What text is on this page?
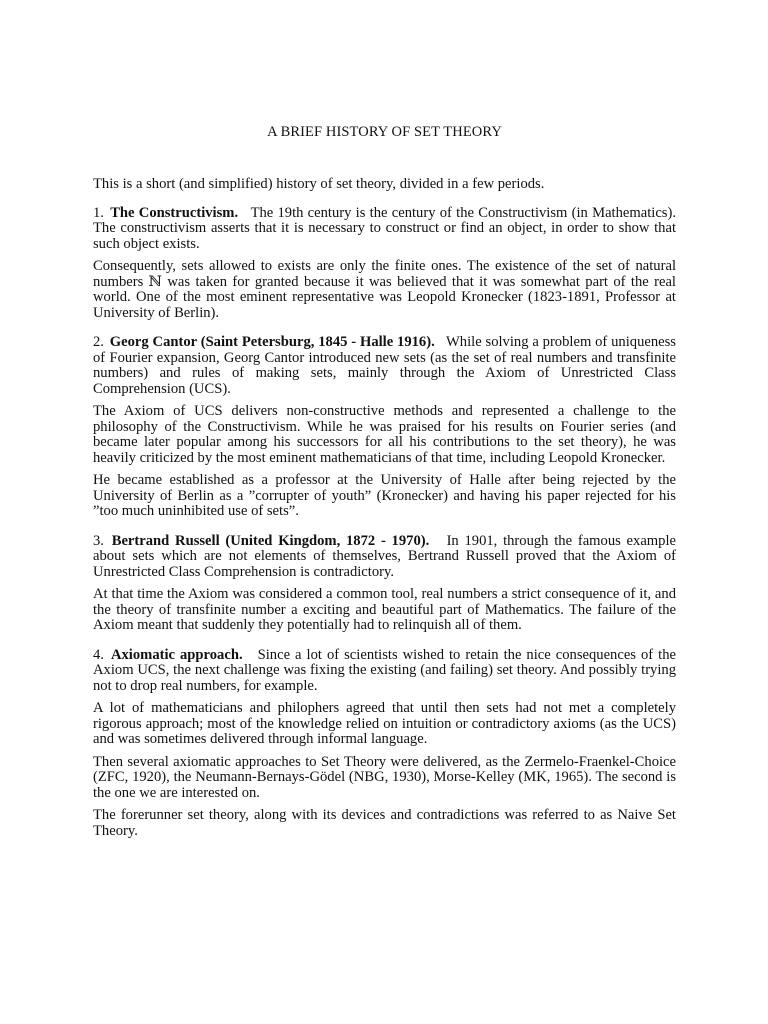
A BRIEF HISTORY OF SET THEORY

This is a short (and simplified) history of set theory, divided in a few periods.

1. The Constructivism. The 19th century is the century of the Constructivism (in Mathematics). The constructivism asserts that it is necessary to construct or find an object, in order to show that such object exists.

Consequently, sets allowed to exists are only the finite ones. The existence of the set of natural numbers ℕ was taken for granted because it was believed that it was somewhat part of the real world. One of the most eminent representative was Leopold Kronecker (1823-1891, Professor at University of Berlin).

2. Georg Cantor (Saint Petersburg, 1845 - Halle 1916). While solving a problem of uniqueness of Fourier expansion, Georg Cantor introduced new sets (as the set of real numbers and transfinite numbers) and rules of making sets, mainly through the Axiom of Unrestricted Class Comprehension (UCS).

The Axiom of UCS delivers non-constructive methods and represented a challenge to the philosophy of the Constructivism. While he was praised for his results on Fourier series (and became later popular among his successors for all his contributions to the set theory), he was heavily criticized by the most eminent mathematicians of that time, including Leopold Kronecker.

He became established as a professor at the University of Halle after being rejected by the University of Berlin as a ”corrupter of youth” (Kronecker) and having his paper rejected for his ”too much uninhibited use of sets”.

3. Bertrand Russell (United Kingdom, 1872 - 1970). In 1901, through the famous example about sets which are not elements of themselves, Bertrand Russell proved that the Axiom of Unrestricted Class Comprehension is contradictory.

At that time the Axiom was considered a common tool, real numbers a strict consequence of it, and the theory of transfinite number a exciting and beautiful part of Mathematics. The failure of the Axiom meant that suddenly they potentially had to relinquish all of them.

4. Axiomatic approach. Since a lot of scientists wished to retain the nice consequences of the Axiom UCS, the next challenge was fixing the existing (and failing) set theory. And possibly trying not to drop real numbers, for example.

A lot of mathematicians and philophers agreed that until then sets had not met a completely rigorous approach; most of the knowledge relied on intuition or contradictory axioms (as the UCS) and was sometimes delivered through informal language.

Then several axiomatic approaches to Set Theory were delivered, as the Zermelo-Fraenkel-Choice (ZFC, 1920), the Neumann-Bernays-Gödel (NBG, 1930), Morse-Kelley (MK, 1965). The second is the one we are interested on.

The forerunner set theory, along with its devices and contradictions was referred to as Naive Set Theory.
